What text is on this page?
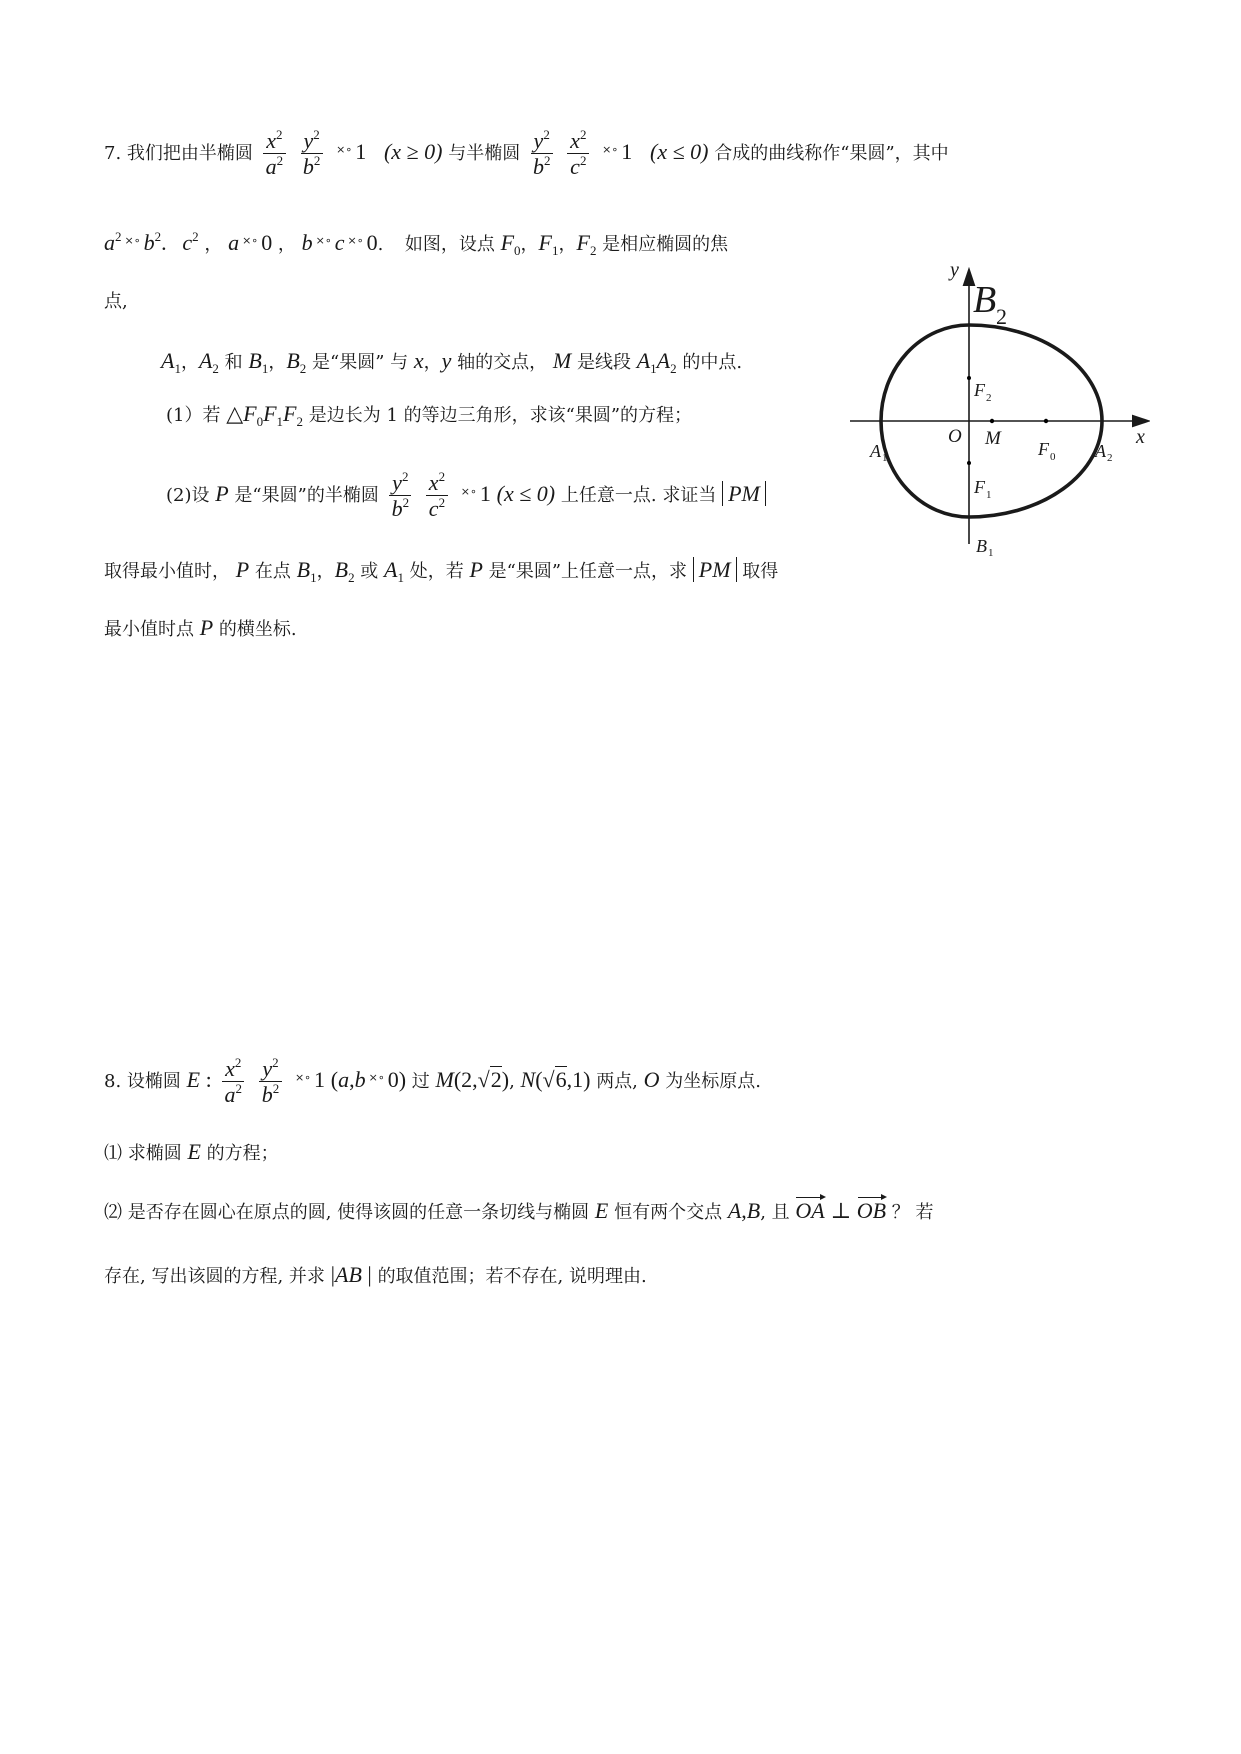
7. 我们把由半椭圆 $\frac{x^2}{a^2}$
$\frac{y^2}{b^2} ^{\times\circ}$ 1 (x ≥ 0) 与半椭圆 $\frac{y^2}{b^2}$
$\frac{x^2}{c^2} ^{\times\circ}$ 1 (x ≤ 0) 合成的曲线称作“果圆”，其中
$a^2$ ×∘ $b^2$. $c^2$ ， a ×∘ 0 ， b ×∘ c ×∘ 0. 如图，设点 $F_0$，$F_1$，$F_2$ 是相应椭圆的焦
点,
$A_1$，$A_2$ 和 $B_1$，$B_2$ 是“果圆” 与 x，y 轴的交点， M 是线段 $A_1A_2$ 的中点.
(1）若 $\triangle F_0F_1F_2$ 是边长为 1 的等边三角形，求该“果圆”的方程；
(2)设 P 是“果圆”的半椭圆 $\frac{y^2}{b^2}$
$\frac{x^2}{c^2} ^{\times\circ}$ 1 (x ≤ 0) 上任意一点. 求证当 PM
取得最小值时， P 在点 $B_1$，$B_2$ 或 $A_1$ 处，若 P 是“果圆”上任意一点，求 PM 取得
最小值时点 P 的横坐标.
y
x
O M
B 2
F 2
F 1
F 0
A 1	A 2
B 1
8. 设椭圆 E : $\frac{x^2}{a^2}$
$\frac{y^2}{b^2} ^{\times\circ}$ 1 (a,b ×∘ 0) 过 M(2,√2), N(√6,1) 两点, O 为坐标原点.
⑴ 求椭圆 E 的方程；
⑵ 是否存在圆心在原点的圆, 使得该圆的任意一条切线与椭圆 E 恒有两个交点 A,B, 且 OA ⊥ OB ？ 若
存在, 写出该圆的方程, 并求 |AB | 的取值范围；若不存在, 说明理由.
